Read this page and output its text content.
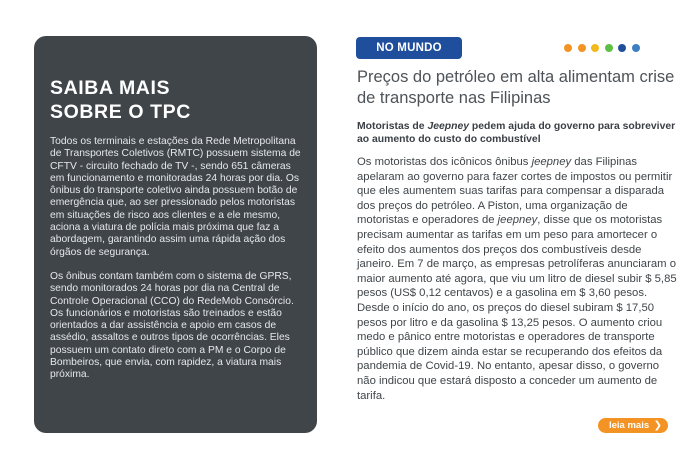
SAIBA MAIS
SOBRE O TPC

Todos os terminais e estações da Rede Metropolitana de Transportes Coletivos (RMTC) possuem sistema de CFTV - circuito fechado de TV -, sendo 651 câmeras em funcionamento e monitoradas 24 horas por dia. Os ônibus do transporte coletivo ainda possuem botão de emergência que, ao ser pressionado pelos motoristas em situações de risco aos clientes e a ele mesmo, aciona a viatura de polícia mais próxima que faz a abordagem, garantindo assim uma rápida ação dos órgãos de segurança.

Os ônibus contam também com o sistema de GPRS, sendo monitorados 24 horas por dia na Central de Controle Operacional (CCO) do RedeMob Consórcio. Os funcionários e motoristas são treinados e estão orientados a dar assistência e apoio em casos de assédio, assaltos e outros tipos de ocorrências. Eles possuem um contato direto com a PM e o Corpo de Bombeiros, que envia, com rapidez, a viatura mais próxima.

NO MUNDO
Preços do petróleo em alta alimentam crise de transporte nas Filipinas

Motoristas de Jeepney pedem ajuda do governo para sobreviver ao aumento do custo do combustível

Os motoristas dos icônicos ônibus jeepney das Filipinas apelaram ao governo para fazer cortes de impostos ou permitir que eles aumentem suas tarifas para compensar a disparada dos preços do petróleo. A Piston, uma organização de motoristas e operadores de jeepney, disse que os motoristas precisam aumentar as tarifas em um peso para amortecer o efeito dos aumentos dos preços dos combustíveis desde janeiro. Em 7 de março, as empresas petrolíferas anunciaram o maior aumento até agora, que viu um litro de diesel subir $ 5,85 pesos (US$ 0,12 centavos) e a gasolina em $ 3,60 pesos. Desde o início do ano, os preços do diesel subiram $ 17,50 pesos por litro e da gasolina $ 13,25 pesos. O aumento criou medo e pânico entre motoristas e operadores de transporte público que dizem ainda estar se recuperando dos efeitos da pandemia de Covid-19. No entanto, apesar disso, o governo não indicou que estará disposto a conceder um aumento de tarifa.

leia mais ❯
